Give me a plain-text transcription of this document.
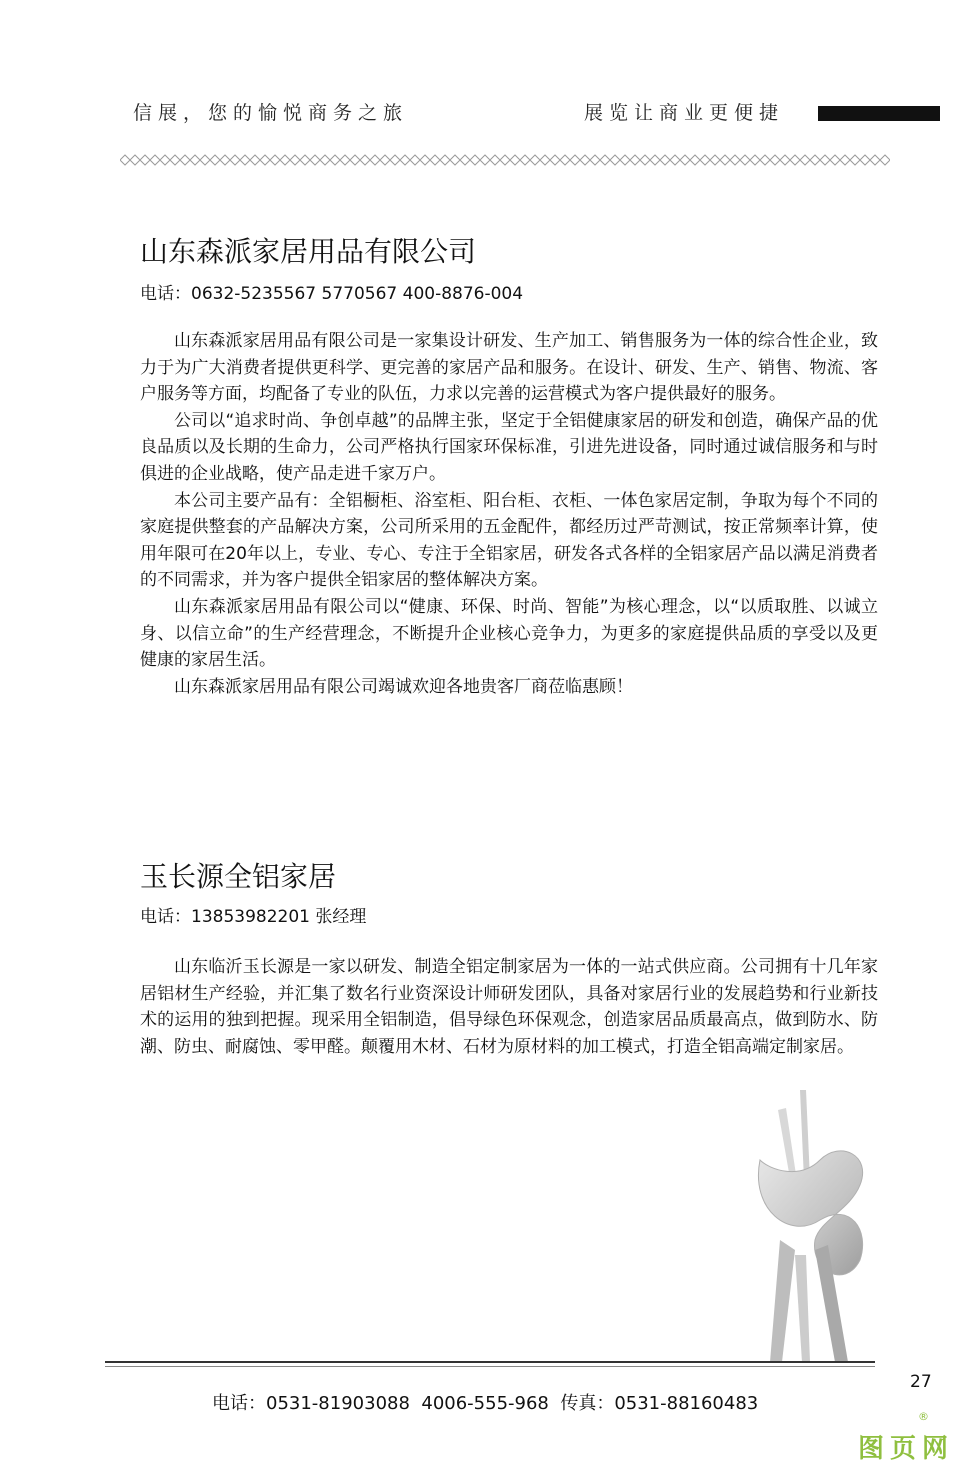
信展，您的愉悦商务之旅	展览让商业更便捷
山东森派家居用品有限公司
电话：0632-5235567 5770567 400-8876-004

山东森派家居用品有限公司是一家集设计研发、生产加工、销售服务为一体的综合性企业，致力于为广大消费者提供更科学、更完善的家居产品和服务。在设计、研发、生产、销售、物流、客户服务等方面，均配备了专业的队伍，力求以完善的运营模式为客户提供最好的服务。

公司以“追求时尚、争创卓越”的品牌主张，坚定于全铝健康家居的研发和创造，确保产品的优良品质以及长期的生命力，公司严格执行国家环保标准，引进先进设备，同时通过诚信服务和与时俱进的企业战略，使产品走进千家万户。

本公司主要产品有：全铝橱柜、浴室柜、阳台柜、衣柜、一体色家居定制，争取为每个不同的家庭提供整套的产品解决方案，公司所采用的五金配件，都经历过严苛测试，按正常频率计算，使用年限可在20年以上，专业、专心、专注于全铝家居，研发各式各样的全铝家居产品以满足消费者的不同需求，并为客户提供全铝家居的整体解决方案。

山东森派家居用品有限公司以“健康、环保、时尚、智能”为核心理念，以“以质取胜、以诚立身、以信立命”的生产经营理念，不断提升企业核心竞争力，为更多的家庭提供品质的享受以及更健康的家居生活。

山东森派家居用品有限公司竭诚欢迎各地贵客厂商莅临惠顾！

玉长源全铝家居
电话：13853982201 张经理

山东临沂玉长源是一家以研发、制造全铝定制家居为一体的一站式供应商。公司拥有十几年家居铝材生产经验，并汇集了数名行业资深设计师研发团队，具备对家居行业的发展趋势和行业新技术的运用的独到把握。现采用全铝制造，倡导绿色环保观念，创造家居品质最高点，做到防水、防潮、防虫、耐腐蚀、零甲醛。颠覆用木材、石材为原材料的加工模式，打造全铝高端定制家居。

27
电话：0531-81903088  4006-555-968  传真：0531-88160483
图页网
®
